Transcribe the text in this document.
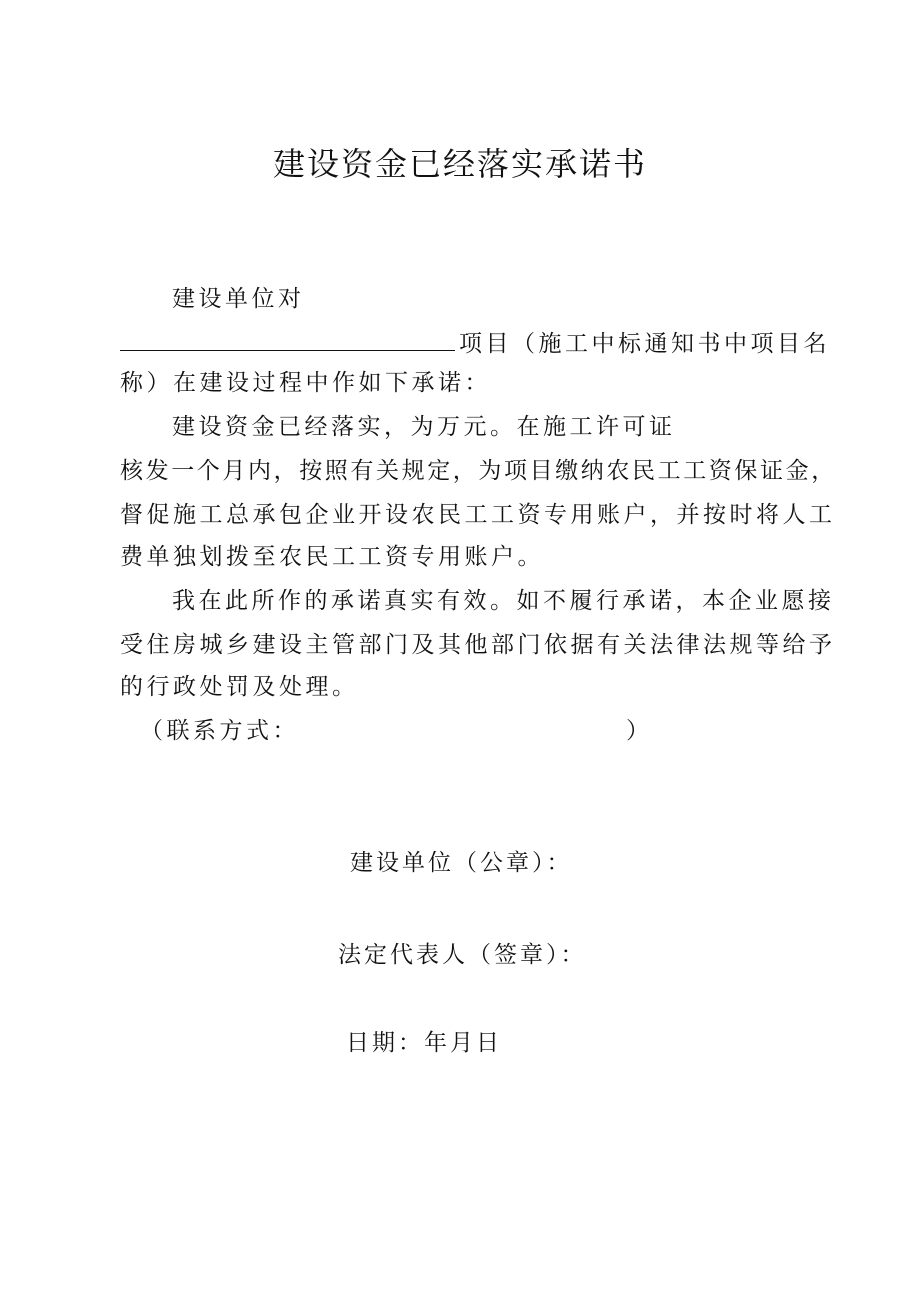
建设资金已经落实承诺书
建设单位对
项目（施工中标通知书中项目名
称）在建设过程中作如下承诺：
建设资金已经落实，为万元。在施工许可证
核发一个月内，按照有关规定，为项目缴纳农民工工资保证金，
督促施工总承包企业开设农民工工资专用账户，并按时将人工
费单独划拨至农民工工资专用账户。
我在此所作的承诺真实有效。如不履行承诺，本企业愿接
受住房城乡建设主管部门及其他部门依据有关法律法规等给予
的行政处罚及处理。
（联系方式：	）
建设单位（公章）：
法定代表人（签章）：
日期：年月日
